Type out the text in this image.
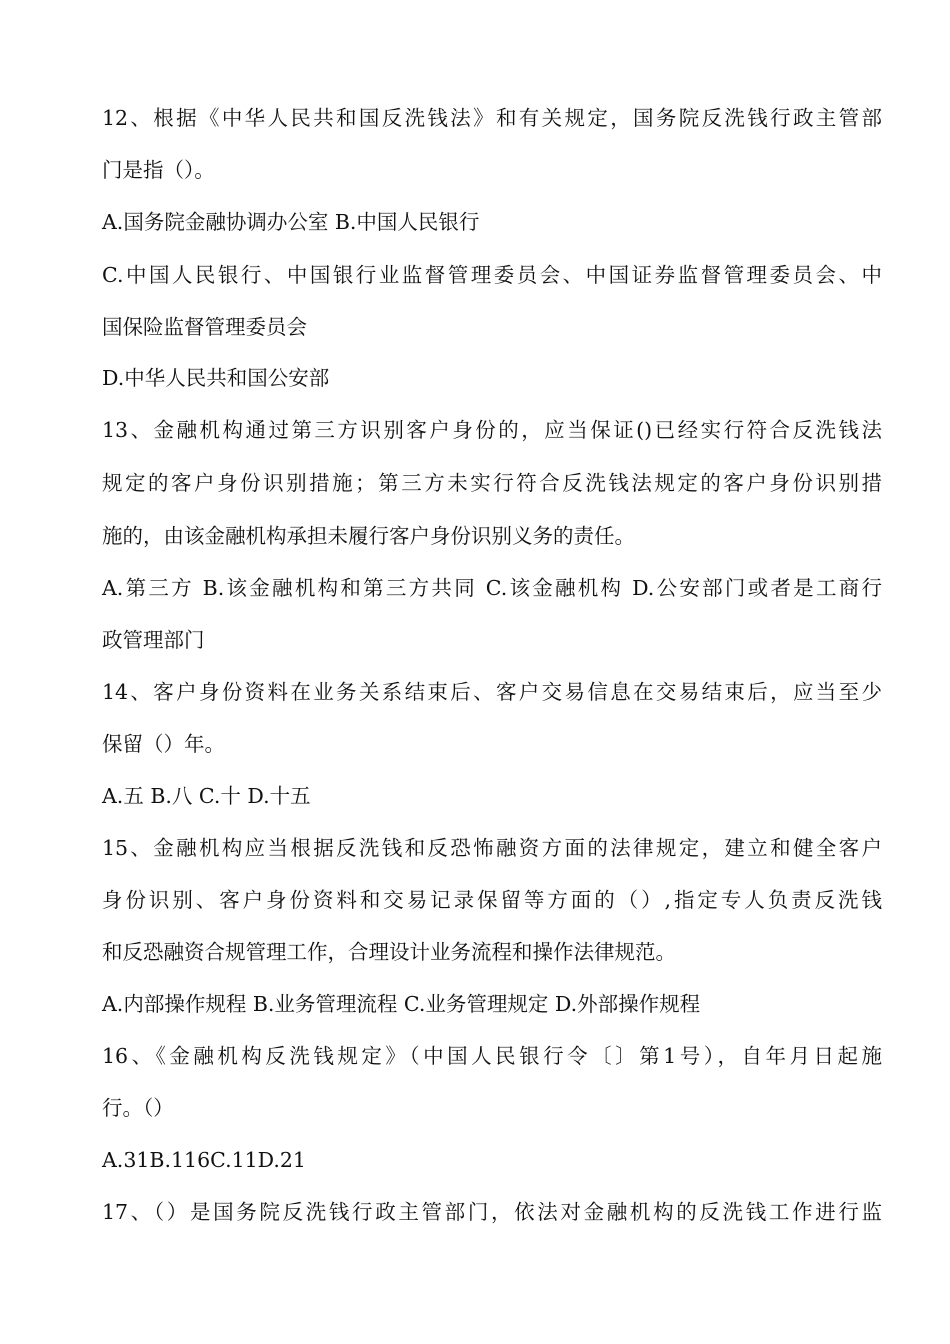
12、根据《中华人民共和国反洗钱法》和有关规定，国务院反洗钱行政主管部
门是指（）。
A.国务院金融协调办公室 B.中国人民银行
C.中国人民银行、中国银行业监督管理委员会、中国证券监督管理委员会、中
国保险监督管理委员会
D.中华人民共和国公安部
13、金融机构通过第三方识别客户身份的，应当保证()已经实行符合反洗钱法
规定的客户身份识别措施；第三方未实行符合反洗钱法规定的客户身份识别措
施的，由该金融机构承担未履行客户身份识别义务的责任。
A.第三方 B.该金融机构和第三方共同 C.该金融机构 D.公安部门或者是工商行
政管理部门
14、客户身份资料在业务关系结束后、客户交易信息在交易结束后，应当至少
保留（）年。
A.五 B.八 C.十 D.十五
15、金融机构应当根据反洗钱和反恐怖融资方面的法律规定，建立和健全客户
身份识别、客户身份资料和交易记录保留等方面的（）,指定专人负责反洗钱
和反恐融资合规管理工作，合理设计业务流程和操作法律规范。
A.内部操作规程 B.业务管理流程 C.业务管理规定 D.外部操作规程
16、《金融机构反洗钱规定》（中国人民银行令〔〕第1号），自年月日起施
行。（）
A.31B.116C.11D.21
17、（）是国务院反洗钱行政主管部门，依法对金融机构的反洗钱工作进行监
